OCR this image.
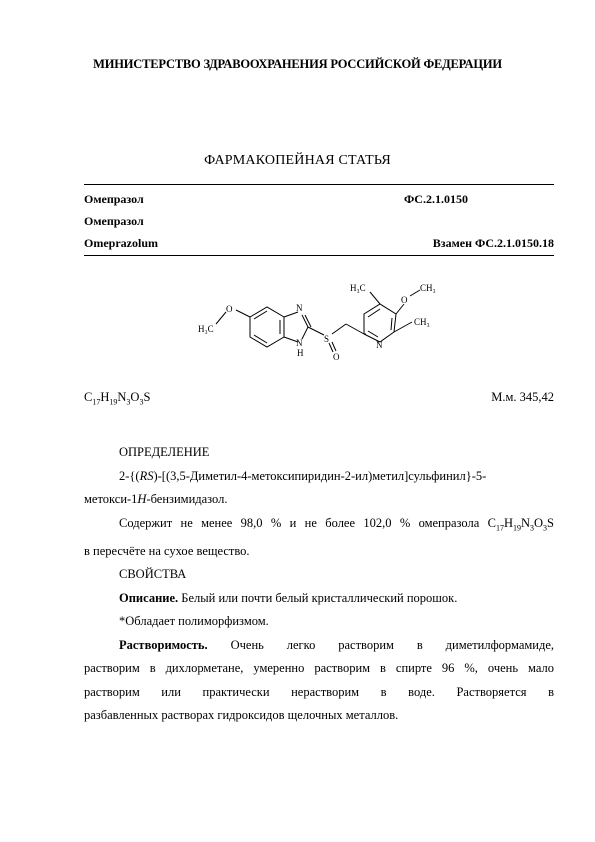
МИНИСТЕРСТВО ЗДРАВООХРАНЕНИЯ РОССИЙСКОЙ ФЕДЕРАЦИИ
ФАРМАКОПЕЙНАЯ СТАТЬЯ
Омепразол	ФС.2.1.0150
Омепразол
Omeprazolum	Взамен ФС.2.1.0150.18
H₃C
O	N
N
H
S
O
N
H₃C
O
CH₃
CH₃
$C_{17}H_{19}N_3O_3S$	М.м. 345,42
ОПРЕДЕЛЕНИЕ
2-{(RS)-[(3,5-Диметил-4-метоксипиридин-2-ил)метил]сульфинил}-5-
метокси-1H-бензимидазол.
Содержит не менее 98,0 % и не более 102,0 % омепразола $C_{17}H_{19}N_3O_3S$
в пересчёте на сухое вещество.
СВОЙСТВА
Описание. Белый или почти белый кристаллический порошок.
*Обладает полиморфизмом.
Растворимость. Очень легко растворим в диметилформамиде,
растворим в дихлорметане, умеренно растворим в спирте 96 %, очень мало
растворим или практически нерастворим в воде. Растворяется в
разбавленных растворах гидроксидов щелочных металлов.
